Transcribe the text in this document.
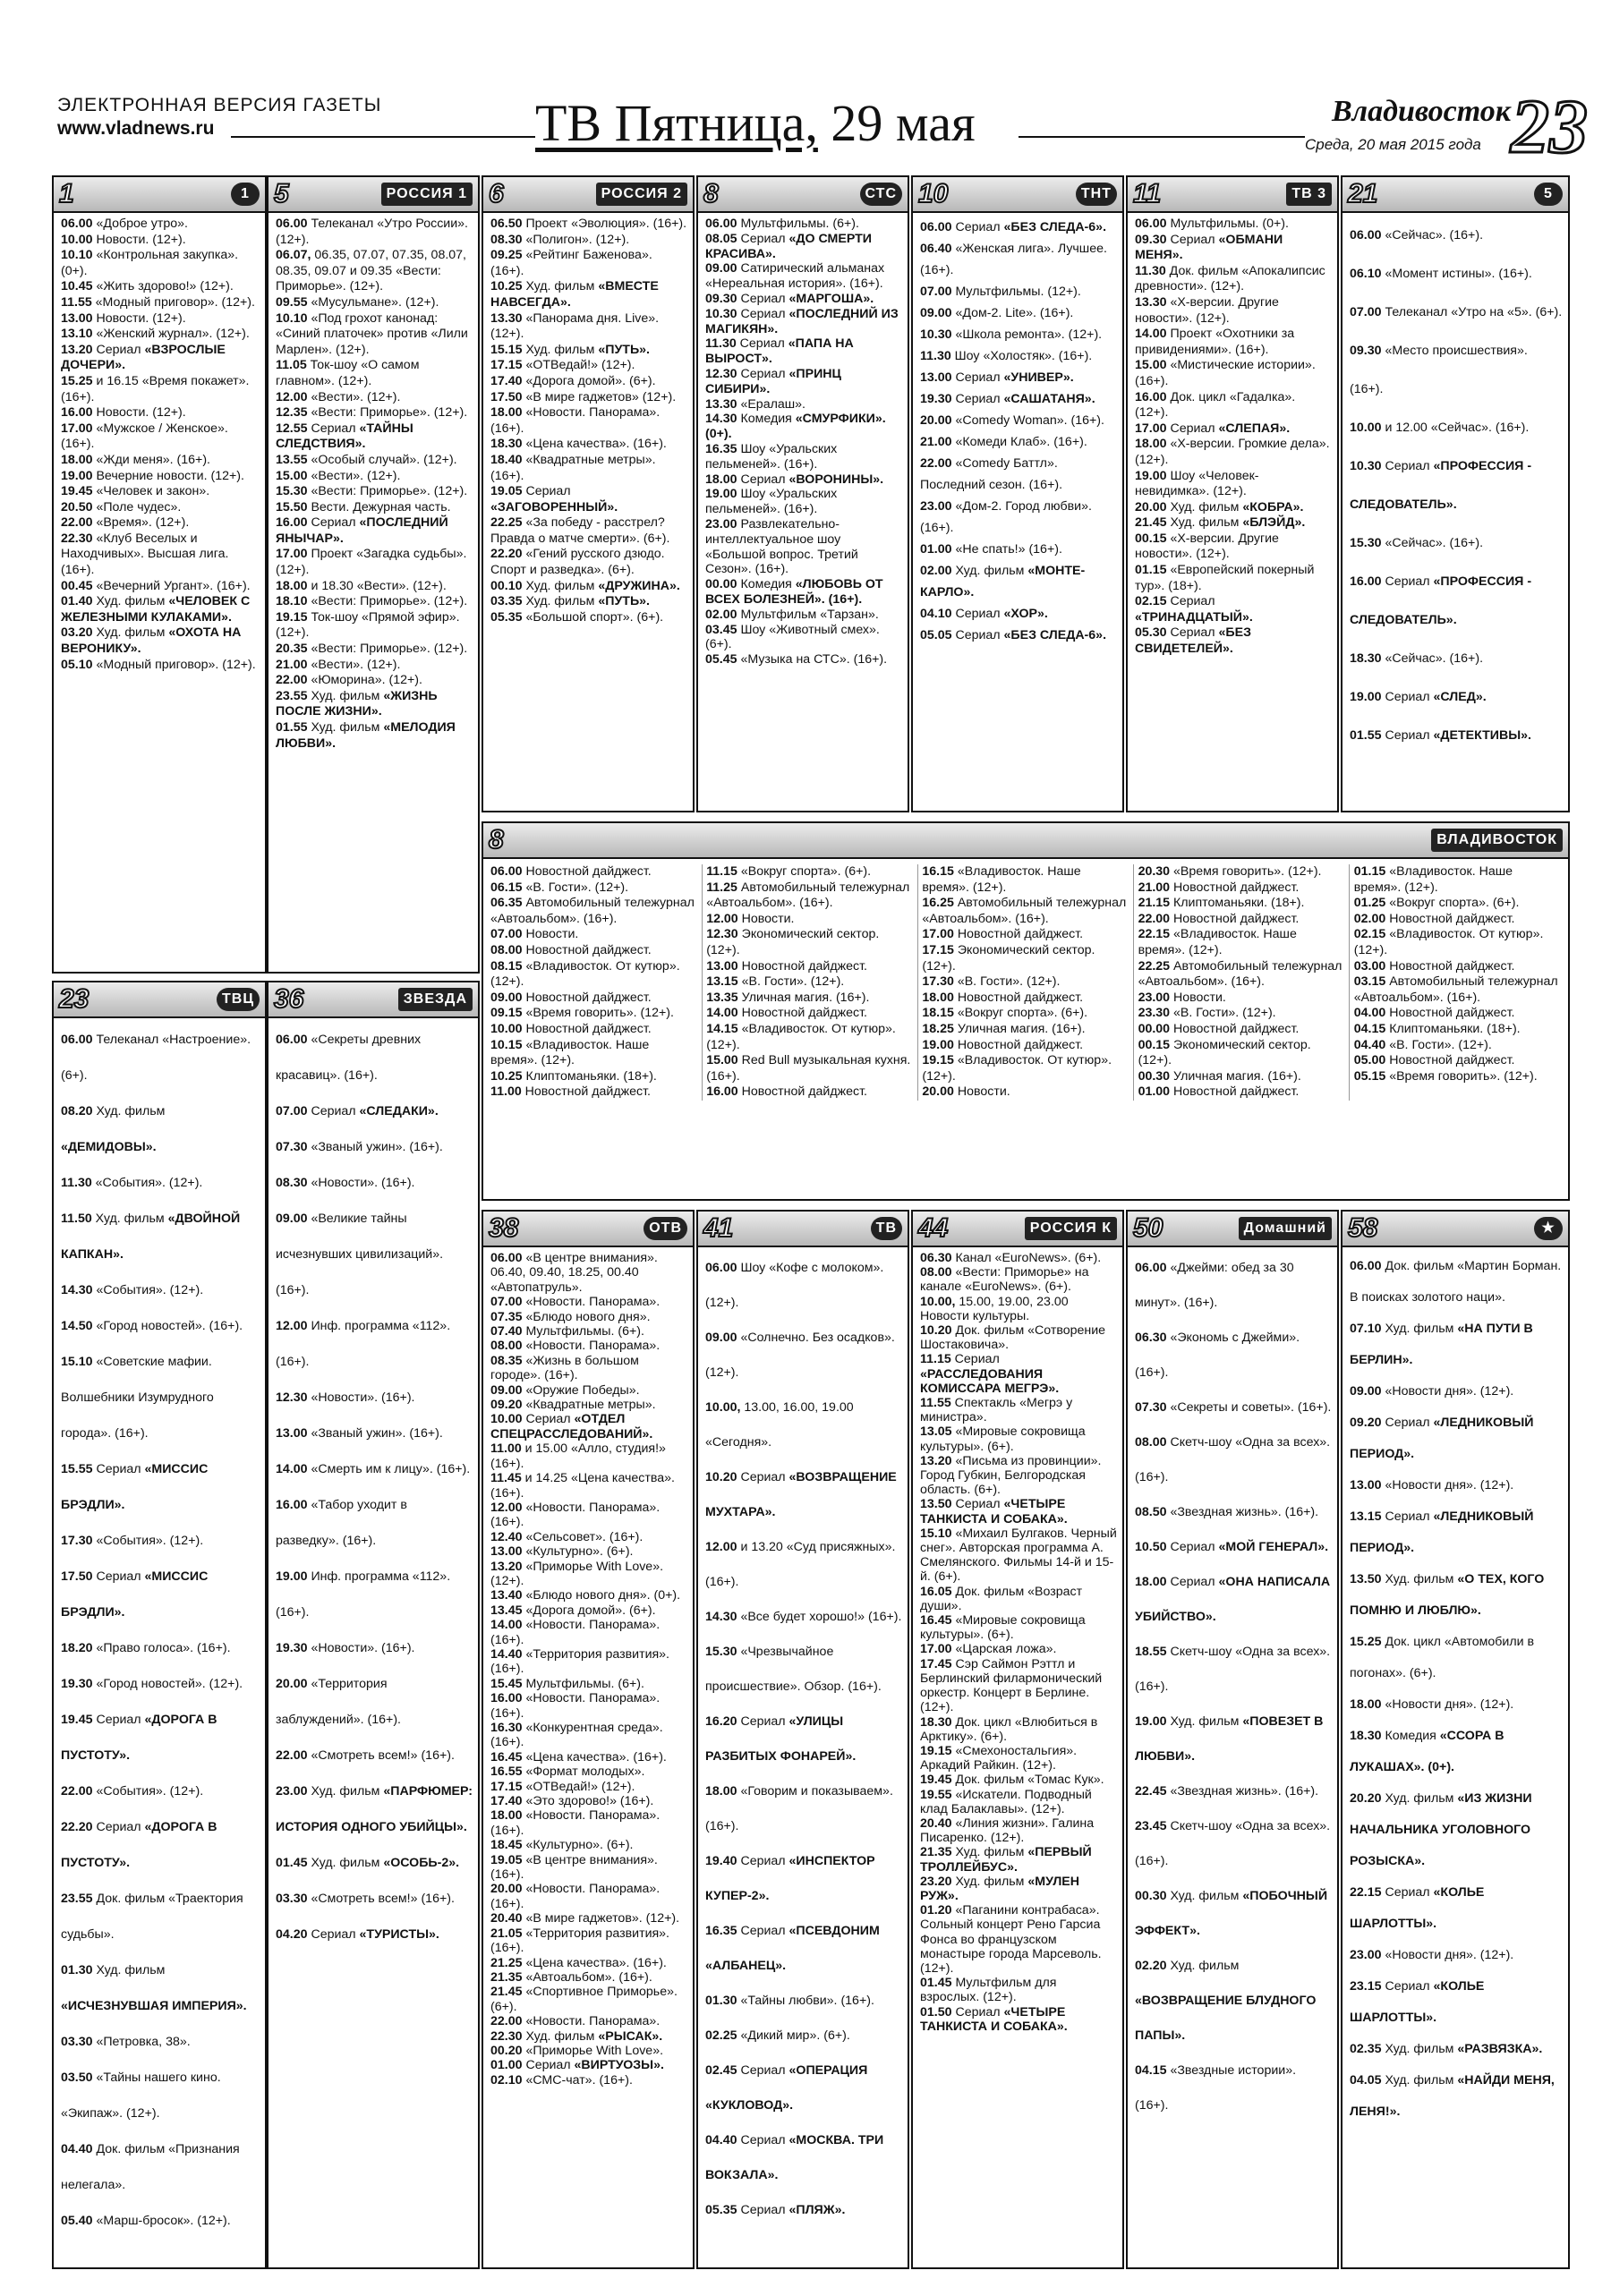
ЭЛЕКТРОННАЯ ВЕРСИЯ ГАЗЕТЫ
www.vladnews.ru	ТВ Пятница, 29 мая	Владивосток
Среда, 20 мая 2015 года 23
1	1

06.00 «Доброе утро».

10.00 Новости. (12+).

10.10 «Контрольная закупка». (0+).

10.45 «Жить здорово!» (12+).

11.55 «Модный приговор». (12+).

13.00 Новости. (12+).

13.10 «Женский журнал». (12+).

13.20 Сериал «ВЗРОСЛЫЕ ДОЧЕРИ».

15.25 и 16.15 «Время покажет». (16+).

16.00 Новости. (12+).

17.00 «Мужское / Женское». (16+).

18.00 «Жди меня». (16+).

19.00 Вечерние новости. (12+).

19.45 «Человек и закон».

20.50 «Поле чудес».

22.00 «Время». (12+).

22.30 «Клуб Веселых и Находчивых». Высшая лига. (16+).

00.45 «Вечерний Ургант». (16+).

01.40 Худ. фильм «ЧЕЛОВЕК С ЖЕЛЕЗНЫМИ КУЛАКАМИ».

03.20 Худ. фильм «ОХОТА НА ВЕРОНИКУ».

05.10 «Модный приговор». (12+).

5	РОССИЯ 1

06.00 Телеканал «Утро России». (12+).

06.07, 06.35, 07.07, 07.35, 08.07, 08.35, 09.07 и 09.35 «Вести: Приморье». (12+).

09.55 «Мусульмане». (12+).

10.10 «Под грохот канонад: «Синий платочек» против «Лили Марлен». (12+).

11.05 Ток-шоу «О самом главном». (12+).

12.00 «Вести». (12+).

12.35 «Вести: Приморье». (12+).

12.55 Сериал «ТАЙНЫ СЛЕДСТВИЯ».

13.55 «Особый случай». (12+).

15.00 «Вести». (12+).

15.30 «Вести: Приморье». (12+).

15.50 Вести. Дежурная часть.

16.00 Сериал «ПОСЛЕДНИЙ ЯНЫЧАР».

17.00 Проект «Загадка судьбы». (12+).

18.00 и 18.30 «Вести». (12+).

18.10 «Вести: Приморье». (12+).

19.15 Ток-шоу «Прямой эфир». (12+).

20.35 «Вести: Приморье». (12+).

21.00 «Вести». (12+).

22.00 «Юморина». (12+).

23.55 Худ. фильм «ЖИЗНЬ ПОСЛЕ ЖИЗНИ».

01.55 Худ. фильм «МЕЛОДИЯ ЛЮБВИ».

6	РОССИЯ 2

06.50 Проект «Эволюция». (16+).

08.30 «Полигон». (12+).

09.25 «Рейтинг Баженова». (16+).

10.25 Худ. фильм «ВМЕСТЕ НАВСЕГДА».

13.30 «Панорама дня. Live». (12+).

15.15 Худ. фильм «ПУТЬ».

17.15 «ОТВедай!» (12+).

17.40 «Дорога домой». (6+).

17.50 «В мире гаджетов» (12+).

18.00 «Новости. Панорама». (16+).

18.30 «Цена качества». (16+).

18.40 «Квадратные метры». (16+).

19.05 Сериал «ЗАГОВОРЕННЫЙ».

22.25 «За победу - расстрел? Правда о матче смерти». (6+).

22.20 «Гений русского дзюдо. Спорт и разведка». (6+).

00.10 Худ. фильм «ДРУЖИНА».

03.35 Худ. фильм «ПУТЬ».

05.35 «Большой спорт». (6+).

8	СТС

06.00 Мультфильмы. (6+).

08.05 Сериал «ДО СМЕРТИ КРАСИВА».

09.00 Сатирический альманах «Нереальная история». (16+).

09.30 Сериал «МАРГОША».

10.30 Сериал «ПОСЛЕДНИЙ ИЗ МАГИКЯН».

11.30 Сериал «ПАПА НА ВЫРОСТ».

12.30 Сериал «ПРИНЦ СИБИРИ».

13.30 «Ералаш».

14.30 Комедия «СМУРФИКИ». (0+).

16.35 Шоу «Уральских пельменей». (16+).

18.00 Сериал «ВОРОНИНЫ».

19.00 Шоу «Уральских пельменей». (16+).

23.00 Развлекательно-интеллектуальное шоу «Большой вопрос. Третий Сезон». (16+).

00.00 Комедия «ЛЮБОВЬ ОТ ВСЕХ БОЛЕЗНЕЙ». (16+).

02.00 Мультфильм «Тарзан».

03.45 Шоу «Животный смех». (6+).

05.45 «Музыка на СТС». (16+).

10	ТНТ

06.00 Сериал «БЕЗ СЛЕДА-6».

06.40 «Женская лига». Лучшее. (16+).

07.00 Мультфильмы. (12+).

09.00 «Дом-2. Lite». (16+).

10.30 «Школа ремонта». (12+).

11.30 Шоу «Холостяк». (16+).

13.00 Сериал «УНИВЕР».

19.30 Сериал «САШАТАНЯ».

20.00 «Comedy Woman». (16+).

21.00 «Комеди Клаб». (16+).

22.00 «Comedy Баттл». Последний сезон. (16+).

23.00 «Дом-2. Город любви». (16+).

01.00 «Не спать!» (16+).

02.00 Худ. фильм «МОНТЕ-КАРЛО».

04.10 Сериал «ХОР».

05.05 Сериал «БЕЗ СЛЕДА-6».

11	ТВ 3

06.00 Мультфильмы. (0+).

09.30 Сериал «ОБМАНИ МЕНЯ».

11.30 Док. фильм «Апокалипсис древности». (12+).

13.30 «Х-версии. Другие новости». (12+).

14.00 Проект «Охотники за привидениями». (16+).

15.00 «Мистические истории». (16+).

16.00 Док. цикл «Гадалка». (12+).

17.00 Сериал «СЛЕПАЯ».

18.00 «Х-версии. Громкие дела». (12+).

19.00 Шоу «Человек-невидимка». (12+).

20.00 Худ. фильм «КОБРА».

21.45 Худ. фильм «БЛЭЙД».

00.15 «Х-версии. Другие новости». (12+).

01.15 «Европейский покерный тур». (18+).

02.15 Сериал «ТРИНАДЦАТЫЙ».

05.30 Сериал «БЕЗ СВИДЕТЕЛЕЙ».

21	5

06.00 «Сейчас». (16+).

06.10 «Момент истины». (16+).

07.00 Телеканал «Утро на «5». (6+).

09.30 «Место происшествия». (16+).

10.00 и 12.00 «Сейчас». (16+).

10.30 Сериал «ПРОФЕССИЯ - СЛЕДОВАТЕЛЬ».

15.30 «Сейчас». (16+).

16.00 Сериал «ПРОФЕССИЯ - СЛЕДОВАТЕЛЬ».

18.30 «Сейчас». (16+).

19.00 Сериал «СЛЕД».

01.55 Сериал «ДЕТЕКТИВЫ».

8	ВЛАДИВОСТОК

06.00 Новостной дайджест.

06.15 «В. Гости». (12+).

06.35 Автомобильный тележурнал «Автоальбом». (16+).

07.00 Новости.

08.00 Новостной дайджест.

08.15 «Владивосток. От кутюр». (12+).

09.00 Новостной дайджест.

09.15 «Время говорить». (12+).

10.00 Новостной дайджест.

10.15 «Владивосток. Наше время». (12+).

10.25 Клиптоманьяки. (18+).

11.00 Новостной дайджест.

11.15 «Вокруг спорта». (6+).

11.25 Автомобильный тележурнал «Автоальбом». (16+).

12.00 Новости.

12.30 Экономический сектор. (12+).

13.00 Новостной дайджест.

13.15 «В. Гости». (12+).

13.35 Уличная магия. (16+).

14.00 Новостной дайджест.

14.15 «Владивосток. От кутюр». (12+).

15.00 Red Bull музыкальная кухня. (16+).

16.00 Новостной дайджест.

16.15 «Владивосток. Наше время». (12+).

16.25 Автомобильный тележурнал «Автоальбом». (16+).

17.00 Новостной дайджест.

17.15 Экономический сектор. (12+).

17.30 «В. Гости». (12+).

18.00 Новостной дайджест.

18.15 «Вокруг спорта». (6+).

18.25 Уличная магия. (16+).

19.00 Новостной дайджест.

19.15 «Владивосток. От кутюр». (12+).

20.00 Новости.

20.30 «Время говорить». (12+).

21.00 Новостной дайджест.

21.15 Клиптоманьяки. (18+).

22.00 Новостной дайджест.

22.15 «Владивосток. Наше время». (12+).

22.25 Автомобильный тележурнал «Автоальбом». (16+).

23.00 Новости.

23.30 «В. Гости». (12+).

00.00 Новостной дайджест.

00.15 Экономический сектор. (12+).

00.30 Уличная магия. (16+).

01.00 Новостной дайджест.

01.15 «Владивосток. Наше время». (12+).

01.25 «Вокруг спорта». (6+).

02.00 Новостной дайджест.

02.15 «Владивосток. От кутюр». (12+).

03.00 Новостной дайджест.

03.15 Автомобильный тележурнал «Автоальбом». (16+).

04.00 Новостной дайджест.

04.15 Клиптоманьяки. (18+).

04.40 «В. Гости». (12+).

05.00 Новостной дайджест.

05.15 «Время говорить». (12+).

23	ТВЦ

06.00 Телеканал «Настроение». (6+).

08.20 Худ. фильм «ДЕМИДОВЫ».

11.30 «События». (12+).

11.50 Худ. фильм «ДВОЙНОЙ КАПКАН».

14.30 «События». (12+).

14.50 «Город новостей». (16+).

15.10 «Советские мафии. Волшебники Изумрудного города». (16+).

15.55 Сериал «МИССИС БРЭДЛИ».

17.30 «События». (12+).

17.50 Сериал «МИССИС БРЭДЛИ».

18.20 «Право голоса». (16+).

19.30 «Город новостей». (12+).

19.45 Сериал «ДОРОГА В ПУСТОТУ».

22.00 «События». (12+).

22.20 Сериал «ДОРОГА В ПУСТОТУ».

23.55 Док. фильм «Траектория судьбы».

01.30 Худ. фильм «ИСЧЕЗНУВШАЯ ИМПЕРИЯ».

03.30 «Петровка, 38».

03.50 «Тайны нашего кино. «Экипаж». (12+).

04.40 Док. фильм «Признания нелегала».

05.40 «Марш-бросок». (12+).

36	ЗВЕЗДА

06.00 «Секреты древних красавиц». (16+).

07.00 Сериал «СЛЕДАКИ».

07.30 «Званый ужин». (16+).

08.30 «Новости». (16+).

09.00 «Великие тайны исчезнувших цивилизаций». (16+).

12.00 Инф. программа «112». (16+).

12.30 «Новости». (16+).

13.00 «Званый ужин». (16+).

14.00 «Смерть им к лицу». (16+).

16.00 «Табор уходит в разведку». (16+).

19.00 Инф. программа «112». (16+).

19.30 «Новости». (16+).

20.00 «Территория заблуждений». (16+).

22.00 «Смотреть всем!» (16+).

23.00 Худ. фильм «ПАРФЮМЕР: ИСТОРИЯ ОДНОГО УБИЙЦЫ».

01.45 Худ. фильм «ОСОБЬ-2».

03.30 «Смотреть всем!» (16+).

04.20 Сериал «ТУРИСТЫ».

38	ОТВ

06.00 «В центре внимания». 06.40, 09.40, 18.25, 00.40 «Автопатруль».

07.00 «Новости. Панорама».

07.35 «Блюдо нового дня».

07.40 Мультфильмы. (6+).

08.00 «Новости. Панорама».

08.35 «Жизнь в большом городе». (16+).

09.00 «Оружие Победы».

09.20 «Квадратные метры».

10.00 Сериал «ОТДЕЛ СПЕЦРАССЛЕДОВАНИЙ».

11.00 и 15.00 «Алло, студия!» (16+).

11.45 и 14.25 «Цена качества». (16+).

12.00 «Новости. Панорама». (16+).

12.40 «Сельсовет». (16+).

13.00 «Культурно». (6+).

13.20 «Приморье With Love». (12+).

13.40 «Блюдо нового дня». (0+).

13.45 «Дорога домой». (6+).

14.00 «Новости. Панорама». (16+).

14.40 «Территория развития». (16+).

15.45 Мультфильмы. (6+).

16.00 «Новости. Панорама». (16+).

16.30 «Конкурентная среда». (16+).

16.45 «Цена качества». (16+).

16.55 «Формат молодых».

17.15 «ОТВедай!» (12+).

17.40 «Это здорово!» (16+).

18.00 «Новости. Панорама». (16+).

18.45 «Культурно». (6+).

19.05 «В центре внимания». (16+).

20.00 «Новости. Панорама». (16+).

20.40 «В мире гаджетов». (12+).

21.05 «Территория развития». (16+).

21.25 «Цена качества». (16+).

21.35 «Автоальбом». (16+).

21.45 «Спортивное Приморье». (6+).

22.00 «Новости. Панорама».

22.30 Худ. фильм «РЫСАК».

00.20 «Приморье With Love».

01.00 Сериал «ВИРТУОЗЫ».

02.10 «СМС-чат». (16+).

41	ТВ

06.00 Шоу «Кофе с молоком». (12+).

09.00 «Солнечно. Без осадков». (12+).

10.00, 13.00, 16.00, 19.00 «Сегодня».

10.20 Сериал «ВОЗВРАЩЕНИЕ МУХТАРА».

12.00 и 13.20 «Суд присяжных». (16+).

14.30 «Все будет хорошо!» (16+).

15.30 «Чрезвычайное происшествие». Обзор. (16+).

16.20 Сериал «УЛИЦЫ РАЗБИТЫХ ФОНАРЕЙ».

18.00 «Говорим и показываем». (16+).

19.40 Сериал «ИНСПЕКТОР КУПЕР-2».

16.35 Сериал «ПСЕВДОНИМ «АЛБАНЕЦ».

01.30 «Тайны любви». (16+).

02.25 «Дикий мир». (6+).

02.45 Сериал «ОПЕРАЦИЯ «КУКЛОВОД».

04.40 Сериал «МОСКВА. ТРИ ВОКЗАЛА».

05.35 Сериал «ПЛЯЖ».

44	РОССИЯ К

06.30 Канал «EuroNews». (6+).

08.00 «Вести: Приморье» на канале «EuroNews». (6+).

10.00, 15.00, 19.00, 23.00 Новости культуры.

10.20 Док. фильм «Сотворение Шостаковича».

11.15 Сериал «РАССЛЕДОВАНИЯ КОМИССАРА МЕГРЭ».

11.55 Спектакль «Мегрэ у министра».

13.05 «Мировые сокровища культуры». (6+).

13.20 «Письма из провинции». Город Губкин, Белгородская область. (6+).

13.50 Сериал «ЧЕТЫРЕ ТАНКИСТА И СОБАКА».

15.10 «Михаил Булгаков. Черный снег». Авторская программа А. Смелянского. Фильмы 14-й и 15-й. (6+).

16.05 Док. фильм «Возраст души».

16.45 «Мировые сокровища культуры». (6+).

17.00 «Царская ложа».

17.45 Сэр Саймон Рэттл и Берлинский филармонический оркестр. Концерт в Берлине. (12+).

18.30 Док. цикл «Влюбиться в Арктику». (6+).

19.15 «Смехоностальгия». Аркадий Райкин. (12+).

19.45 Док. фильм «Томас Кук».

19.55 «Искатели. Подводный клад Балаклавы». (12+).

20.40 «Линия жизни». Галина Писаренко. (12+).

21.35 Худ. фильм «ПЕРВЫЙ ТРОЛЛЕЙБУС».

23.20 Худ. фильм «МУЛЕН РУЖ».

01.20 «Паганини контрабаса». Сольный концерт Рено Гарсиа Фонса во французском монастыре города Марсеволь. (12+).

01.45 Мультфильм для взрослых. (12+).

01.50 Сериал «ЧЕТЫРЕ ТАНКИСТА И СОБАКА».

50	Домашний

06.00 «Джейми: обед за 30 минут». (16+).

06.30 «Экономь с Джейми». (16+).

07.30 «Секреты и советы». (16+).

08.00 Скетч-шоу «Одна за всех». (16+).

08.50 «Звездная жизнь». (16+).

10.50 Сериал «МОЙ ГЕНЕРАЛ».

18.00 Сериал «ОНА НАПИСАЛА УБИЙСТВО».

18.55 Скетч-шоу «Одна за всех». (16+).

19.00 Худ. фильм «ПОВЕЗЕТ В ЛЮБВИ».

22.45 «Звездная жизнь». (16+).

23.45 Скетч-шоу «Одна за всех». (16+).

00.30 Худ. фильм «ПОБОЧНЫЙ ЭФФЕКТ».

02.20 Худ. фильм «ВОЗВРАЩЕНИЕ БЛУДНОГО ПАПЫ».

04.15 «Звездные истории». (16+).

58	★

06.00 Док. фильм «Мартин Борман. В поисках золотого наци».

07.10 Худ. фильм «НА ПУТИ В БЕРЛИН».

09.00 «Новости дня». (12+).

09.20 Сериал «ЛЕДНИКОВЫЙ ПЕРИОД».

13.00 «Новости дня». (12+).

13.15 Сериал «ЛЕДНИКОВЫЙ ПЕРИОД».

13.50 Худ. фильм «О ТЕХ, КОГО ПОМНЮ И ЛЮБЛЮ».

15.25 Док. цикл «Автомобили в погонах». (6+).

18.00 «Новости дня». (12+).

18.30 Комедия «ССОРА В ЛУКАШАХ». (0+).

20.20 Худ. фильм «ИЗ ЖИЗНИ НАЧАЛЬНИКА УГОЛОВНОГО РОЗЫСКА».

22.15 Сериал «КОЛЬЕ ШАРЛОТТЫ».

23.00 «Новости дня». (12+).

23.15 Сериал «КОЛЬЕ ШАРЛОТТЫ».

02.35 Худ. фильм «РАЗВЯЗКА».

04.05 Худ. фильм «НАЙДИ МЕНЯ, ЛЕНЯ!».
